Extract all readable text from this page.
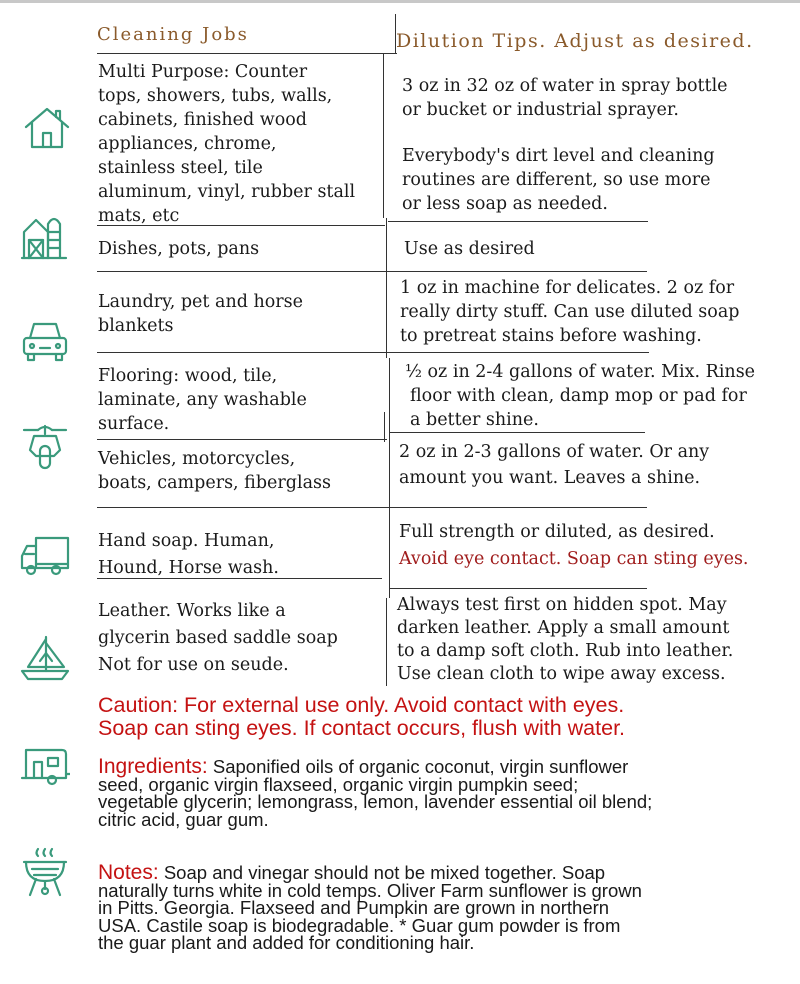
Cleaning Jobs	Dilution Tips. Adjust as desired.
Multi Purpose: Counter
tops, showers, tubs, walls,
cabinets, finished wood
appliances, chrome,
stainless steel, tile
aluminum, vinyl, rubber stall
mats, etc
3 oz in 32 oz of water in spray bottle
or bucket or industrial sprayer.
Everybody's dirt level and cleaning
routines are different, so use more
or less soap as needed.
Dishes, pots, pans	Use as desired
Laundry, pet and horse
blankets
1 oz in machine for delicates. 2 oz for
really dirty stuff. Can use diluted soap
to pretreat stains before washing.
Flooring: wood, tile,
laminate, any washable
surface.
½ oz in 2-4 gallons of water. Mix. Rinse
floor with clean, damp mop or pad for
a better shine.
Vehicles, motorcycles,
boats, campers, fiberglass
2 oz in 2-3 gallons of water. Or any
amount you want. Leaves a shine.
Hand soap. Human,
Hound, Horse wash.
Full strength or diluted, as desired.
Avoid eye contact. Soap can sting eyes.
Leather. Works like a
glycerin based saddle soap
Not for use on seude.
Always test first on hidden spot. May
darken leather. Apply a small amount
to a damp soft cloth. Rub into leather.
Use clean cloth to wipe away excess.
Caution: For external use only. Avoid contact with eyes.
Soap can sting eyes. If contact occurs, flush with water.
Ingredients: Saponified oils of organic coconut, virgin sunflower
seed, organic virgin flaxseed, organic virgin pumpkin seed;
vegetable glycerin; lemongrass, lemon, lavender essential oil blend;
citric acid, guar gum.
Notes: Soap and vinegar should not be mixed together. Soap
naturally turns white in cold temps. Oliver Farm sunflower is grown
in Pitts. Georgia. Flaxseed and Pumpkin are grown in northern
USA. Castile soap is biodegradable. * Guar gum powder is from
the guar plant and added for conditioning hair.
